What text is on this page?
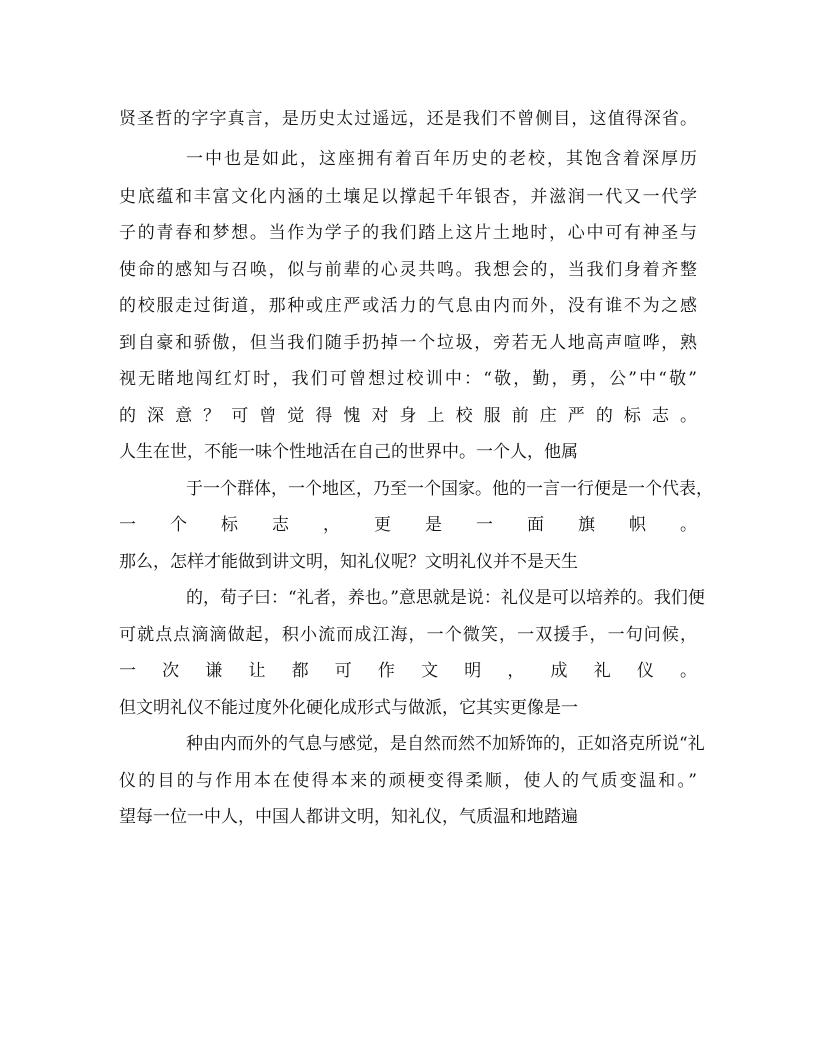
贤圣哲的字字真言，是历史太过遥远，还是我们不曾侧目，这值得深省。
一中也是如此，这座拥有着百年历史的老校，其饱含着深厚历
史底蕴和丰富文化内涵的土壤足以撑起千年银杏，并滋润一代又一代学
子的青春和梦想。当作为学子的我们踏上这片土地时，心中可有神圣与
使命的感知与召唤，似与前辈的心灵共鸣。我想会的，当我们身着齐整
的校服走过街道，那种或庄严或活力的气息由内而外，没有谁不为之感
到自豪和骄傲，但当我们随手扔掉一个垃圾，旁若无人地高声喧哗，熟
视无睹地闯红灯时，我们可曾想过校训中：“敬，勤，勇，公”中“敬”
的深意？可曾觉得愧对身上校服前庄严的标志。
人生在世，不能一味个性地活在自己的世界中。一个人，他属
于一个群体，一个地区，乃至一个国家。他的一言一行便是一个代表，
一个标志，更是一面旗帜。
那么，怎样才能做到讲文明，知礼仪呢？文明礼仪并不是天生
的，荀子曰：“礼者，养也。”意思就是说：礼仪是可以培养的。我们便
可就点点滴滴做起，积小流而成江海，一个微笑，一双援手，一句问候，
一次谦让都可作文明，成礼仪。
但文明礼仪不能过度外化硬化成形式与做派，它其实更像是一
种由内而外的气息与感觉，是自然而然不加矫饰的，正如洛克所说“礼
仪的目的与作用本在使得本来的顽梗变得柔顺，使人的气质变温和。”
望每一位一中人，中国人都讲文明，知礼仪，气质温和地踏遍
